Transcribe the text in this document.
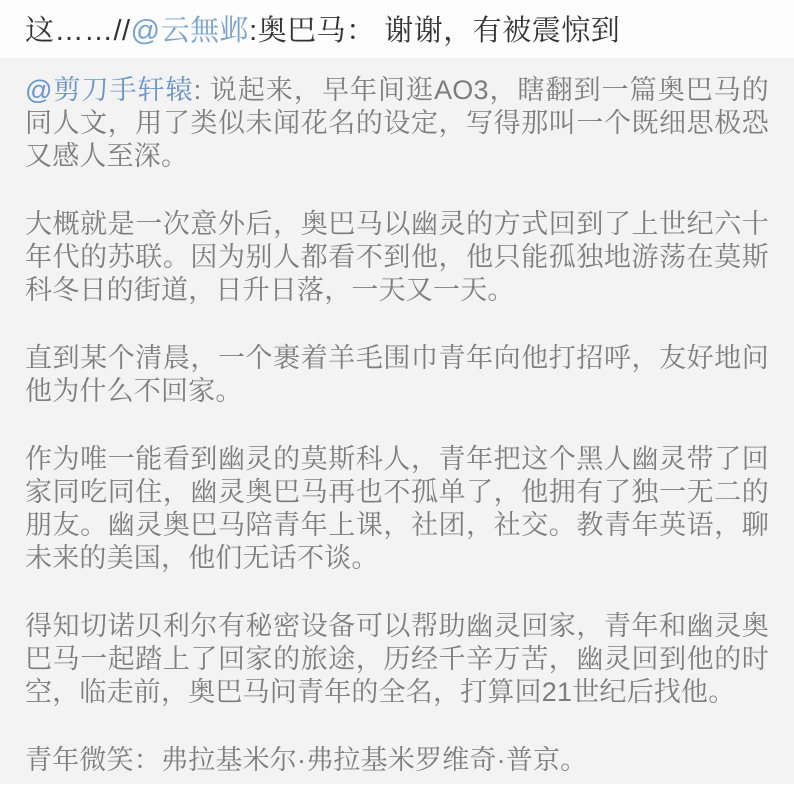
这……//@云無邺:奥巴马： 谢谢，有被震惊到

@剪刀手轩辕: 说起来，早年间逛AO3，瞎翻到一篇奥巴马的同人文，用了类似未闻花名的设定，写得那叫一个既细思极恐又感人至深。

大概就是一次意外后，奥巴马以幽灵的方式回到了上世纪六十年代的苏联。因为别人都看不到他，他只能孤独地游荡在莫斯科冬日的街道，日升日落，一天又一天。

直到某个清晨，一个裹着羊毛围巾青年向他打招呼，友好地问他为什么不回家。

作为唯一能看到幽灵的莫斯科人，青年把这个黑人幽灵带了回家同吃同住，幽灵奥巴马再也不孤单了，他拥有了独一无二的朋友。幽灵奥巴马陪青年上课，社团，社交。教青年英语，聊未来的美国，他们无话不谈。

得知切诺贝利尔有秘密设备可以帮助幽灵回家，青年和幽灵奥巴马一起踏上了回家的旅途，历经千辛万苦，幽灵回到他的时空，临走前，奥巴马问青年的全名，打算回21世纪后找他。

青年微笑：弗拉基米尔·弗拉基米罗维奇·普京。
